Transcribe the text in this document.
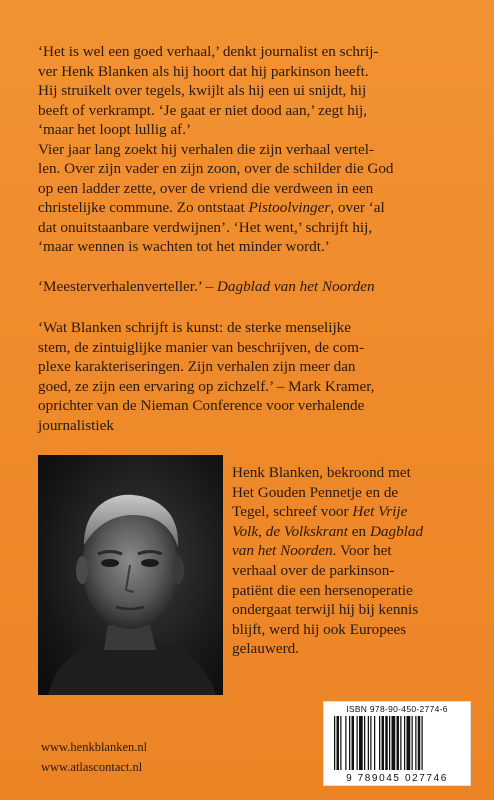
‘Het is wel een goed verhaal,’ denkt journalist en schrij-

ver Henk Blanken als hij hoort dat hij parkinson heeft.

Hij struikelt over tegels, kwijlt als hij een ui snijdt, hij

beeft of verkrampt. ‘Je gaat er niet dood aan,’ zegt hij,

‘maar het loopt lullig af.’

Vier jaar lang zoekt hij verhalen die zijn verhaal vertel-

len. Over zijn vader en zijn zoon, over de schilder die God

op een ladder zette, over de vriend die verdween in een

christelijke commune. Zo ontstaat Pistoolvinger, over ‘al

dat onuitstaanbare verdwijnen’. ‘Het went,’ schrijft hij,

‘maar wennen is wachten tot het minder wordt.’

‘Meesterverhalenverteller.’ – Dagblad van het Noorden

‘Wat Blanken schrijft is kunst: de sterke menselijke

stem, de zintuiglijke manier van beschrijven, de com-

plexe karakteriseringen. Zijn verhalen zijn meer dan

goed, ze zijn een ervaring op zichzelf.’ – Mark Kramer,

oprichter van de Nieman Conference voor verhalende

journalistiek

Henk Blanken, bekroond met
Het Gouden Pennetje en de
Tegel, schreef voor Het Vrije
Volk, de Volkskrant en Dagblad
van het Noorden. Voor het
verhaal over de parkinson-
patiënt die een hersenoperatie
ondergaat terwijl hij bij kennis
blijft, werd hij ook Europees
gelauwerd.
ISBN 978-90-450-2774-6
9 789045 027746
www.henkblanken.nl
www.atlascontact.nl
